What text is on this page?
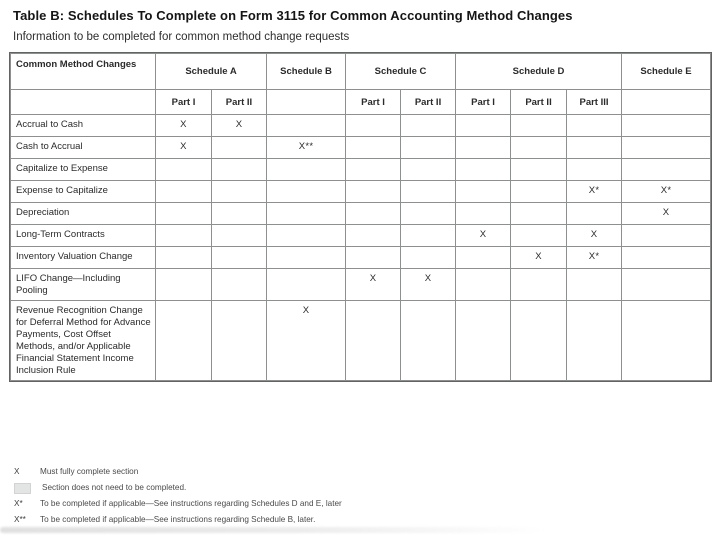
Table B: Schedules To Complete on Form 3115 for Common Accounting Method Changes
Information to be completed for common method change requests
Common Method Changes	Schedule A		Schedule B	Schedule C		Schedule D			Schedule E
	Part I	Part II		Part I	Part II	Part I	Part II	Part III	
Accrual to Cash	X	X							
Cash to Accrual	X		X**						
Capitalize to Expense									
Expense to Capitalize								X*	X*
Depreciation									X
Long-Term Contracts						X		X	
Inventory Valuation Change							X	X*	
LIFO Change—Including Pooling				X	X				
Revenue Recognition Change for Deferral Method for Advance Payments, Cost Offset Methods, and/or Applicable Financial Statement Income Inclusion Rule			X						
X	Must fully complete section
Section does not need to be completed.
X*	To be completed if applicable—See instructions regarding Schedules D and E, later
X**	To be completed if applicable—See instructions regarding Schedule B, later.
